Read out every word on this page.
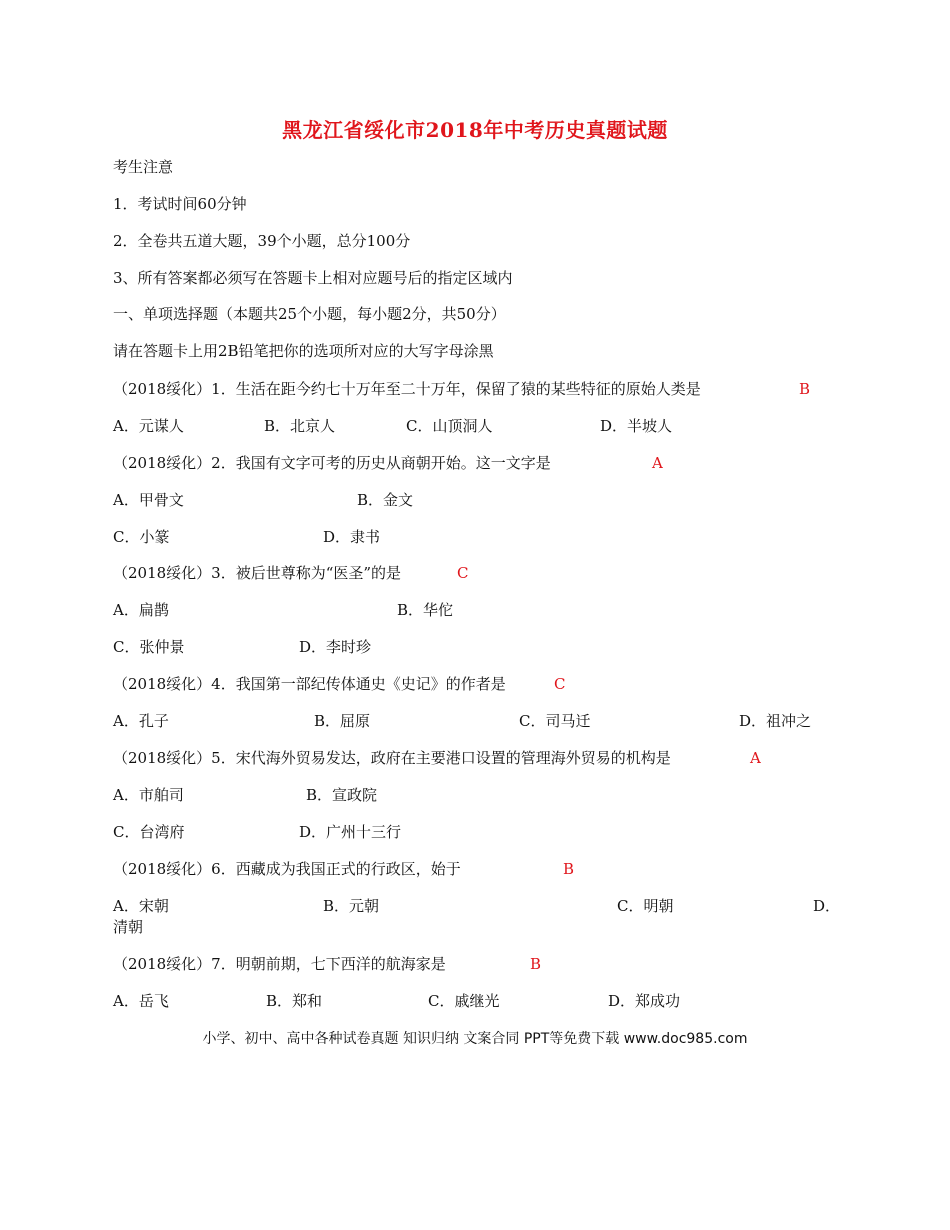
黑龙江省绥化市2018年中考历史真题试题
考生注意
1．考试时间60分钟
2．全卷共五道大题，39个小题，总分100分
3、所有答案都必须写在答题卡上相对应题号后的指定区域内
一、单项选择题（本题共25个小题，每小题2分，共50分）
请在答题卡上用2B铅笔把你的选项所对应的大写字母涂黑
（2018绥化）1．生活在距今约七十万年至二十万年，保留了猿的某些特征的原始人类是	B
A．元谋人	B．北京人	C．山顶洞人	D．半坡人
（2018绥化）2．我国有文字可考的历史从商朝开始。这一文字是	A
A．甲骨文	B．金文
C．小篆	D．隶书
（2018绥化）3．被后世尊称为“医圣”的是	C
A．扁鹊	B．华佗
C．张仲景	D．李时珍
（2018绥化）4．我国第一部纪传体通史《史记》的作者是	C
A．孔子	B．屈原	C．司马迁	D．祖冲之
（2018绥化）5．宋代海外贸易发达，政府在主要港口设置的管理海外贸易的机构是	A
A．市舶司	B．宣政院
C．台湾府	D．广州十三行
（2018绥化）6．西藏成为我国正式的行政区，始于	B
A．宋朝	B．元朝	C．明朝	D．
清朝
（2018绥化）7．明朝前期，七下西洋的航海家是	B
A．岳飞	B．郑和	C．戚继光	D．郑成功
小学、初中、高中各种试卷真题 知识归纳 文案合同 PPT等免费下载 www.doc985.com
